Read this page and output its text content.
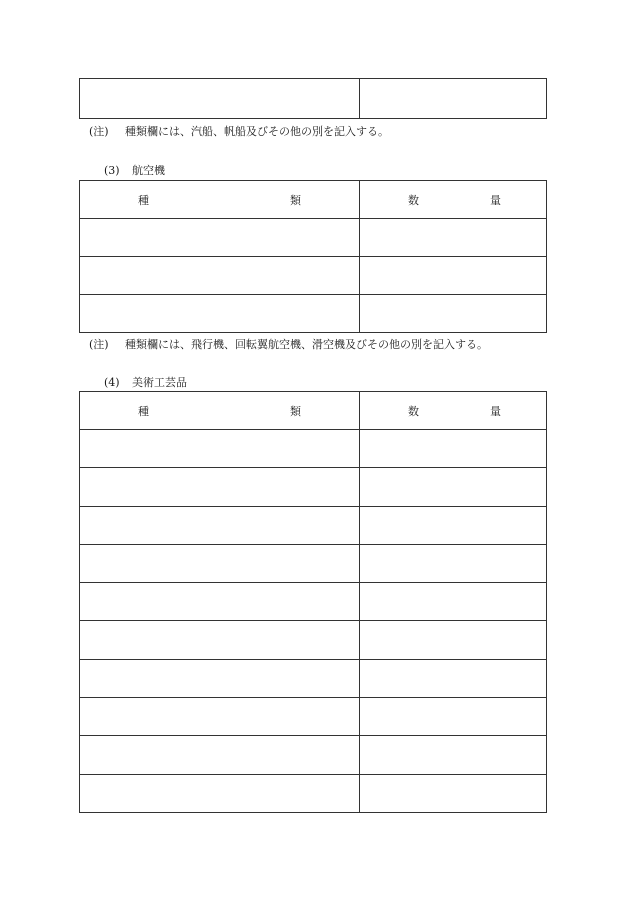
(注) 種類欄には、汽船、帆船及びその他の別を記入する。
(3) 航空機
種 類	数 量

(注) 種類欄には、飛行機、回転翼航空機、滑空機及びその他の別を記入する。
(4) 美術工芸品
種 類	数 量
